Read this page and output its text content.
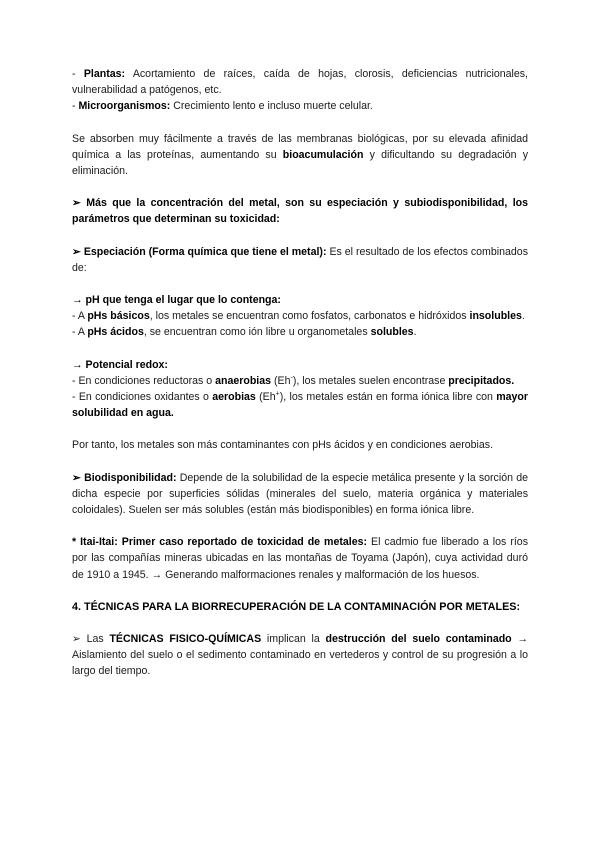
- Plantas: Acortamiento de raíces, caída de hojas, clorosis, deficiencias nutricionales, vulnerabilidad a patógenos, etc.

- Microorganismos: Crecimiento lento e incluso muerte celular.

Se absorben muy fácilmente a través de las membranas biológicas, por su elevada afinidad química a las proteínas, aumentando su bioacumulación y dificultando su degradación y eliminación.

➢ Más que la concentración del metal, son su especiación y subiodisponibilidad, los parámetros que determinan su toxicidad:

➢ Especiación (Forma química que tiene el metal): Es el resultado de los efectos combinados de:

→ pH que tenga el lugar que lo contenga:

- A pHs básicos, los metales se encuentran como fosfatos, carbonatos e hidróxidos insolubles.

- A pHs ácidos, se encuentran como ión libre u organometales solubles.

→ Potencial redox:

- En condiciones reductoras o anaerobias (Eh-), los metales suelen encontrase precipitados.

- En condiciones oxidantes o aerobias (Eh+), los metales están en forma iónica libre con mayor solubilidad en agua.

Por tanto, los metales son más contaminantes con pHs ácidos y en condiciones aerobias.

➢ Biodisponibilidad: Depende de la solubilidad de la especie metálica presente y la sorción de dicha especie por superficies sólidas (minerales del suelo, materia orgánica y materiales coloidales). Suelen ser más solubles (están más biodisponibles) en forma iónica libre.

* Itai-Itai: Primer caso reportado de toxicidad de metales: El cadmio fue liberado a los ríos por las compañías mineras ubicadas en las montañas de Toyama (Japón), cuya actividad duró de 1910 a 1945. → Generando malformaciones renales y malformación de los huesos.

4. TÉCNICAS PARA LA BIORRECUPERACIÓN DE LA CONTAMINACIÓN POR METALES:

➢ Las TÉCNICAS FISICO-QUÍMICAS implican la destrucción del suelo contaminado → Aislamiento del suelo o el sedimento contaminado en vertederos y control de su progresión a lo largo del tiempo.
